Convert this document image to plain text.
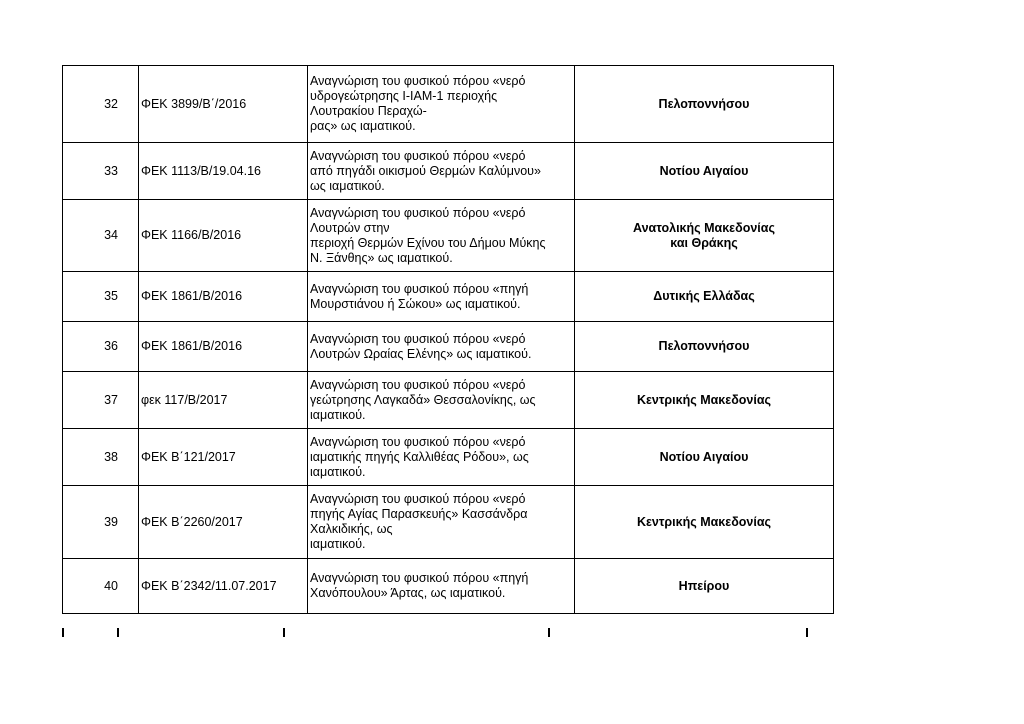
32	ΦΕΚ 3899/Β΄/2016	Αναγνώριση του φυσικού πόρου «νερό
υδρογεώτρησης Ι-ΙΑΜ-1 περιοχής
Λουτρακίου Περαχώ-
ρας» ως ιαματικού.	Πελοποννήσου

33	ΦΕΚ 1113/Β/19.04.16	Αναγνώριση του φυσικού πόρου «νερό
από πηγάδι οικισμού Θερμών Καλύμνου»
ως ιαματικού.	Νοτίου Αιγαίου

34	ΦΕΚ 1166/Β/2016	Αναγνώριση του φυσικού πόρου «νερό
Λουτρών στην
περιοχή Θερμών Εχίνου του Δήμου Μύκης
Ν. Ξάνθης» ως ιαματικού.	Ανατολικής Μακεδονίας
και Θράκης

35	ΦΕΚ 1861/Β/2016	Αναγνώριση του φυσικού πόρου «πηγή
Μουρστιάνου ή Σώκου» ως ιαματικού.	Δυτικής Ελλάδας

36	ΦΕΚ 1861/Β/2016	Αναγνώριση του φυσικού πόρου «νερό
Λουτρών Ωραίας Ελένης» ως ιαματικού.	Πελοποννήσου

37	φεκ 117/Β/2017	Αναγνώριση του φυσικού πόρου «νερό
γεώτρησης Λαγκαδά» Θεσσαλονίκης, ως
ιαματικού.	Κεντρικής Μακεδονίας

38	ΦΕΚ Β΄121/2017	Αναγνώριση του φυσικού πόρου «νερό
ιαματικής πηγής Καλλιθέας Ρόδου», ως
ιαματικού.	Νοτίου Αιγαίου

39	ΦΕΚ Β΄2260/2017	Αναγνώριση του φυσικού πόρου «νερό
πηγής Αγίας Παρασκευής» Κασσάνδρα
Χαλκιδικής, ως
ιαματικού.	Κεντρικής Μακεδονίας

40	ΦΕΚ Β΄2342/11.07.2017	Αναγνώριση του φυσικού πόρου «πηγή
Χανόπουλου» Άρτας, ως ιαματικού.	Ηπείρου
